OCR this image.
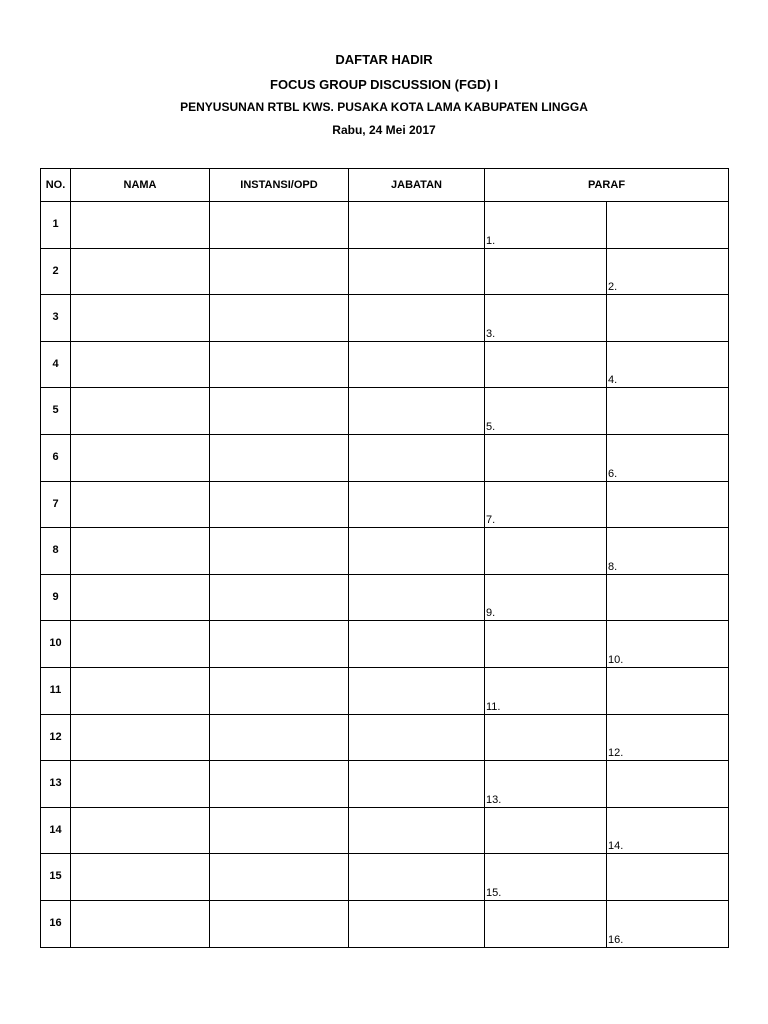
DAFTAR HADIR
FOCUS GROUP DISCUSSION (FGD) I
PENYUSUNAN RTBL KWS. PUSAKA KOTA LAMA KABUPATEN LINGGA
Rabu, 24 Mei 2017
NO.	NAMA	INSTANSI/OPD	JABATAN	PARAF	
1				1.	
2					2.
3				3.	
4					4.
5				5.	
6					6.
7				7.	
8					8.
9				9.	
10					10.
11				11.	
12					12.
13				13.	
14					14.
15				15.	
16					16.
